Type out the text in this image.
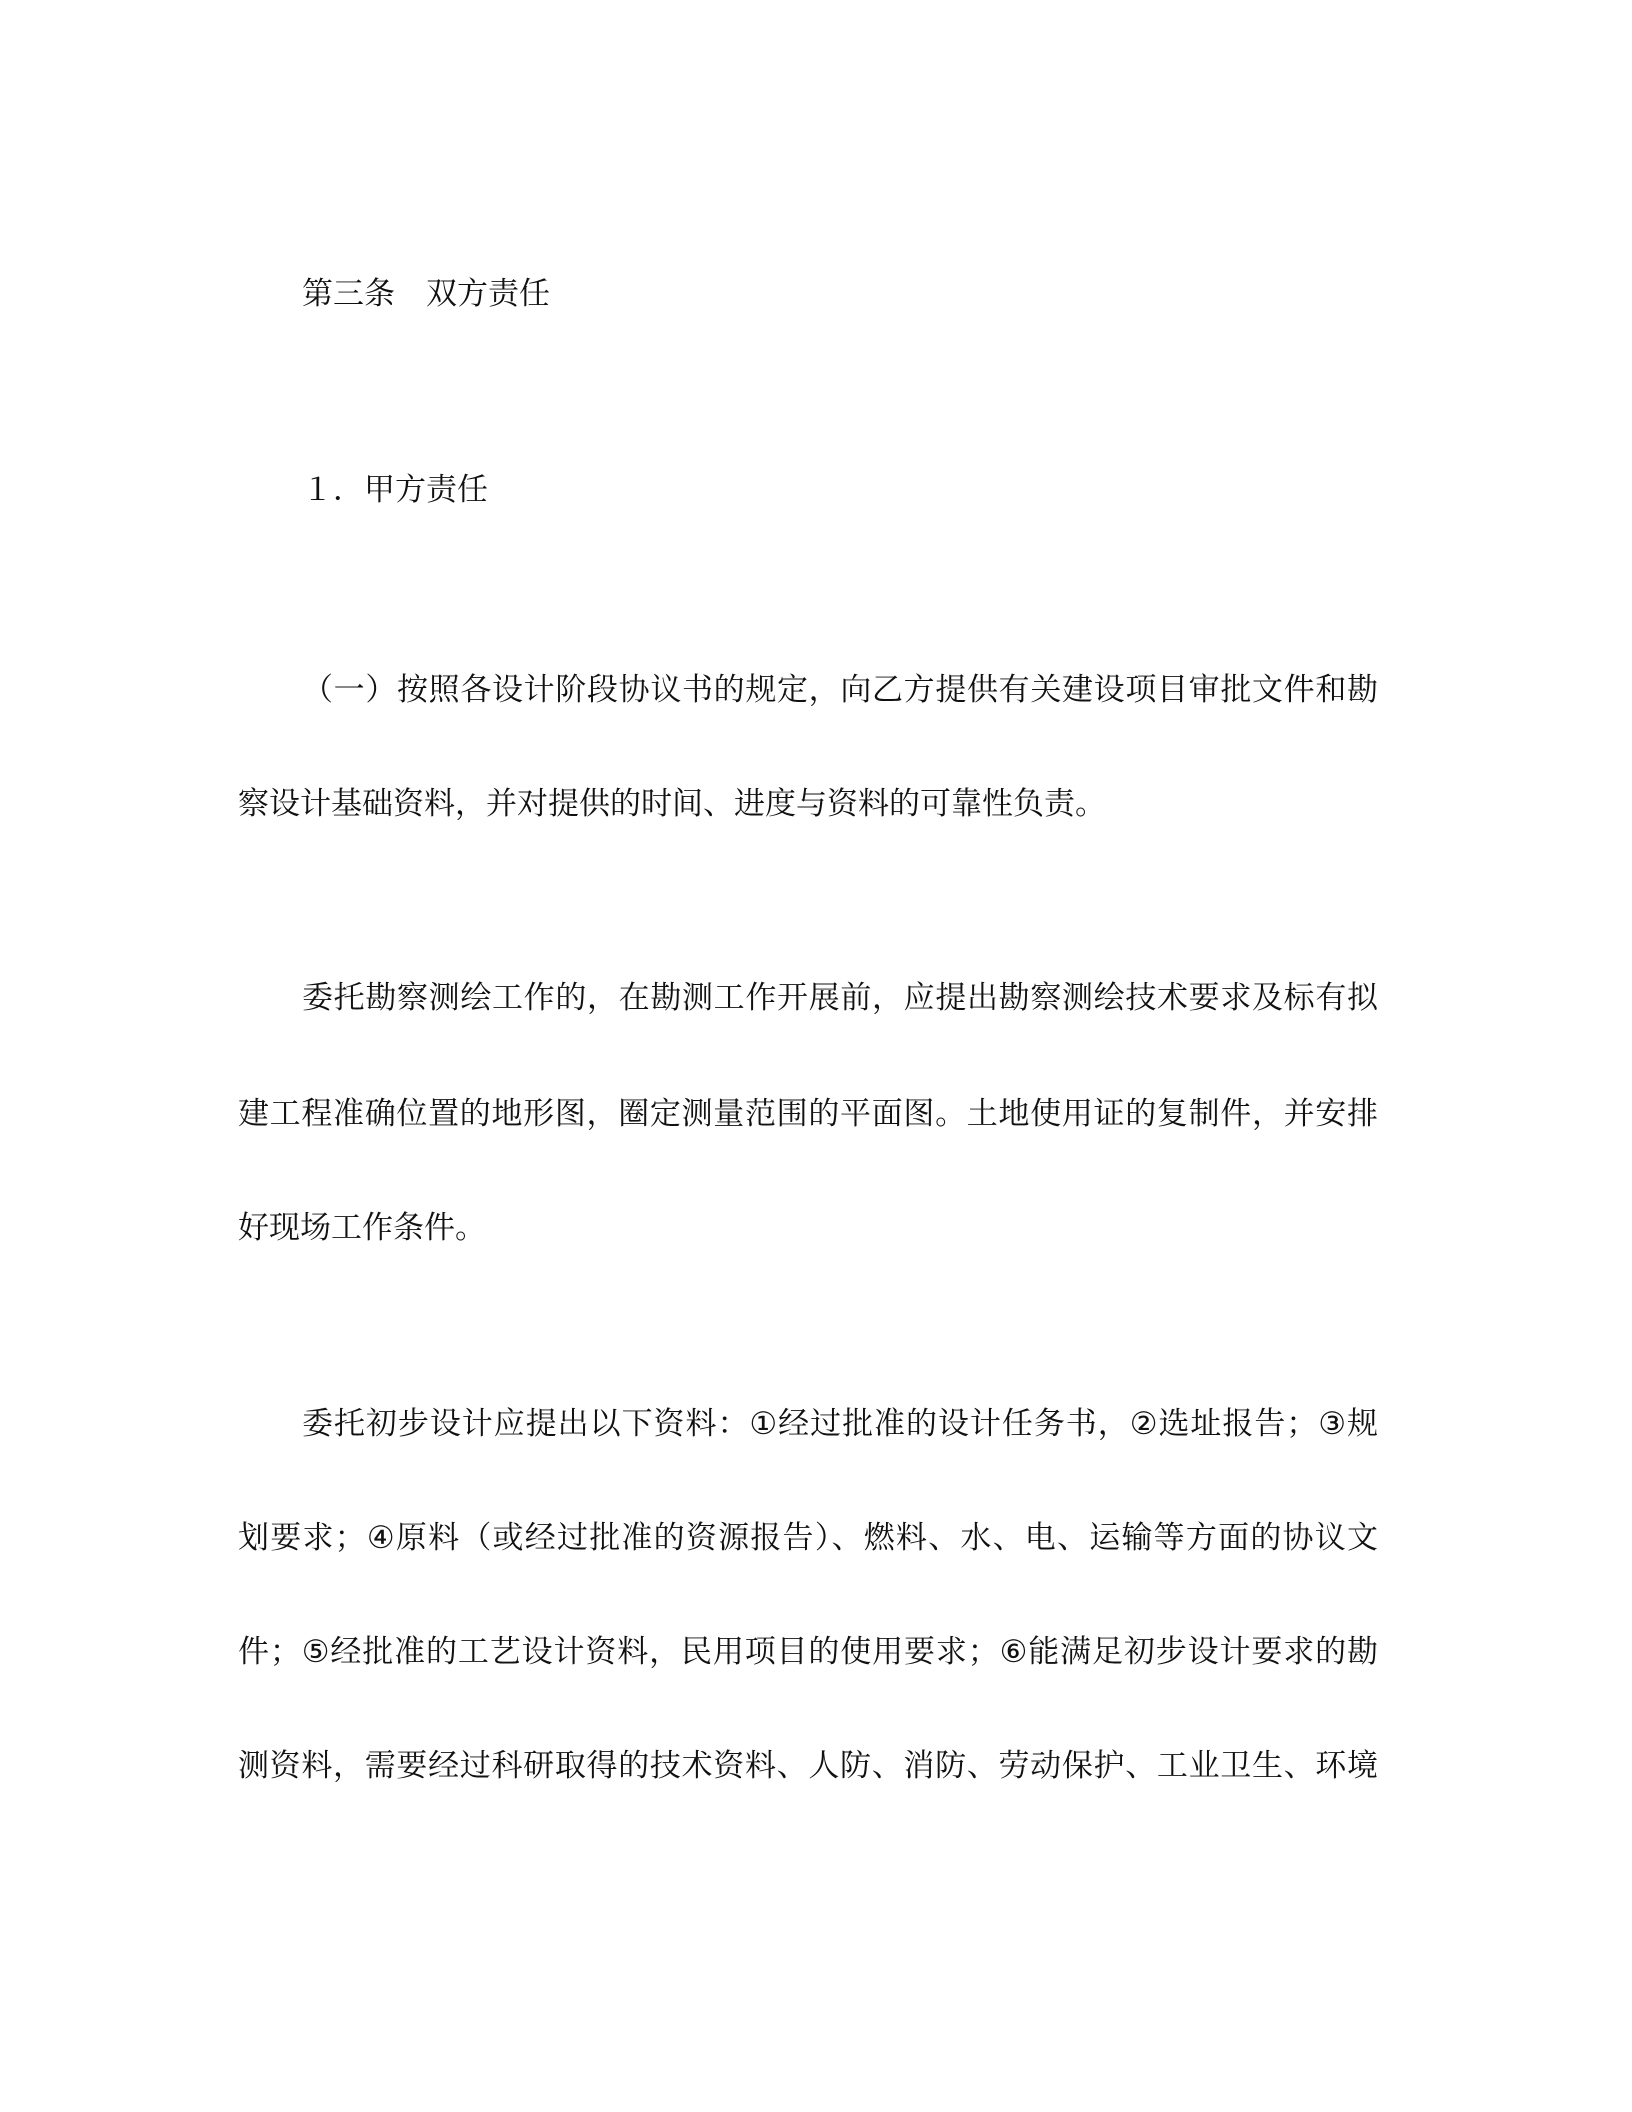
第三条　双方责任
１．甲方责任
（一）按照各设计阶段协议书的规定，向乙方提供有关建设项目审批文件和勘
察设计基础资料，并对提供的时间、进度与资料的可靠性负责。
委托勘察测绘工作的，在勘测工作开展前，应提出勘察测绘技术要求及标有拟
建工程准确位置的地形图，圈定测量范围的平面图。土地使用证的复制件，并安排
好现场工作条件。
委托初步设计应提出以下资料：①经过批准的设计任务书，②选址报告；③规
划要求；④原料（或经过批准的资源报告）、燃料、水、电、运输等方面的协议文
件；⑤经批准的工艺设计资料，民用项目的使用要求；⑥能满足初步设计要求的勘
测资料，需要经过科研取得的技术资料、人防、消防、劳动保护、工业卫生、环境
